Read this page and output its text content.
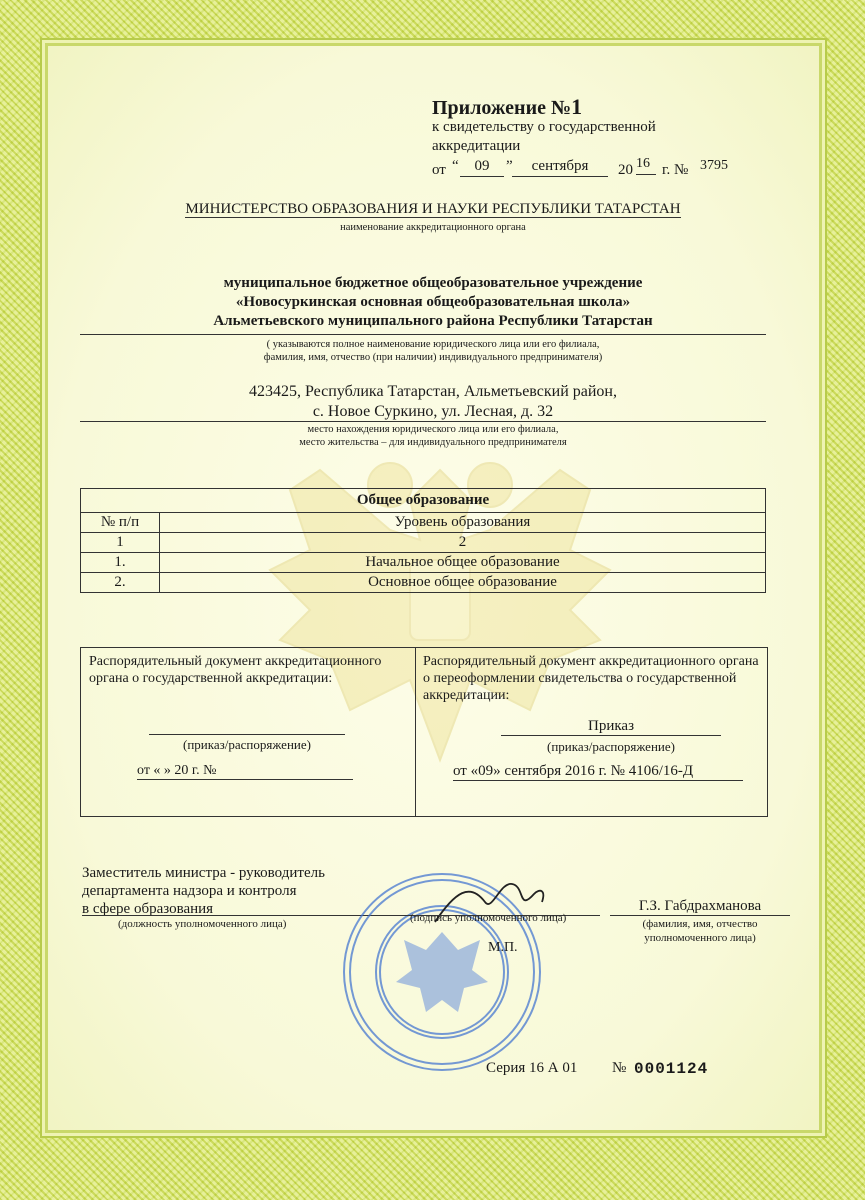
Приложение №1
к свидетельству о государственной
аккредитации
от “	09	”	сентября	20 16 г. № 3795
МИНИСТЕРСТВО ОБРАЗОВАНИЯ И НАУКИ РЕСПУБЛИКИ ТАТАРСТАН
наименование аккредитационного органа
муниципальное бюджетное общеобразовательное учреждение
«Новосуркинская основная общеобразовательная школа»
Альметьевского муниципального района Республики Татарстан
( указываются полное наименование юридического лица или его филиала,
фамилия, имя, отчество (при наличии) индивидуального предпринимателя)
423425, Республика Татарстан, Альметьевский район,
с. Новое Суркино, ул. Лесная, д. 32
место нахождения юридического лица или его филиала,
место жительства – для индивидуального предпринимателя
Общее образование	
№ п/п	Уровень образования
1	2
1.	Начальное общее образование
2.	Основное общее образование
Распорядительный документ аккредитационного органа о государственной аккредитации:
(приказ/распоряжение)
от « » 20 г. №
Распорядительный документ аккредитационного органа о переоформлении свидетельства о государственной аккредитации:
Приказ
(приказ/распоряжение)
от «09» сентября 2016 г. № 4106/16-Д
Заместитель министра - руководитель
департамента надзора и контроля
в сфере образования
(должность уполномоченного лица)	(подпись уполномоченного лица)
М.П.
Г.З. Габдрахманова
(фамилия, имя, отчество
уполномоченного лица)
Серия 16 А 01 № 0001124
